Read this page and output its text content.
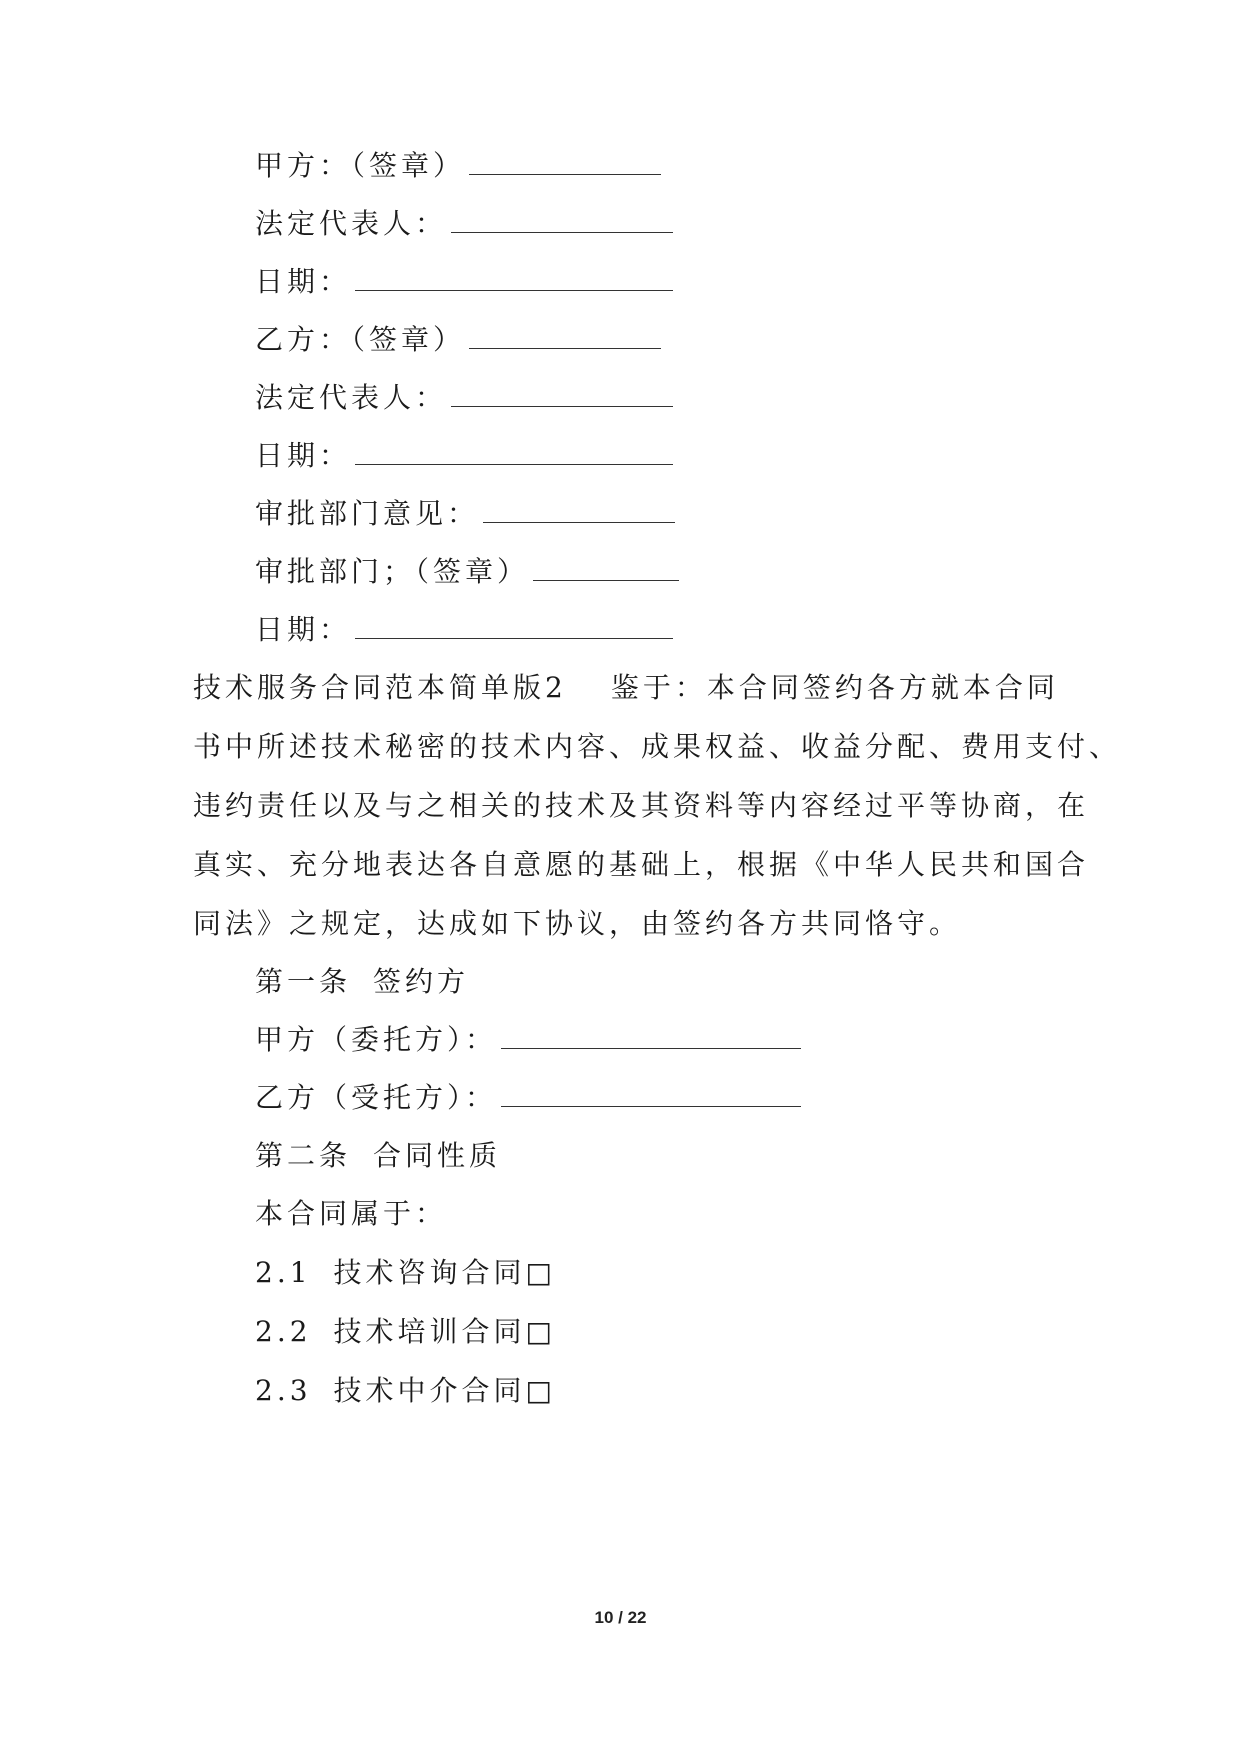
甲方：（签章）
法定代表人：
日期：
乙方：（签章）
法定代表人：
日期：
审批部门意见：
审批部门；（签章）
日期：
技术服务合同范本简单版2 鉴于：本合同签约各方就本合同
书中所述技术秘密的技术内容、成果权益、收益分配、费用支付、
违约责任以及与之相关的技术及其资料等内容经过平等协商，在
真实、充分地表达各自意愿的基础上，根据《中华人民共和国合
同法》之规定，达成如下协议，由签约各方共同恪守。
第一条 签约方
甲方（委托方）：
乙方（受托方）：
第二条 合同性质
本合同属于：
2.1 技术咨询合同□
2.2 技术培训合同□
2.3 技术中介合同□
10 / 22
